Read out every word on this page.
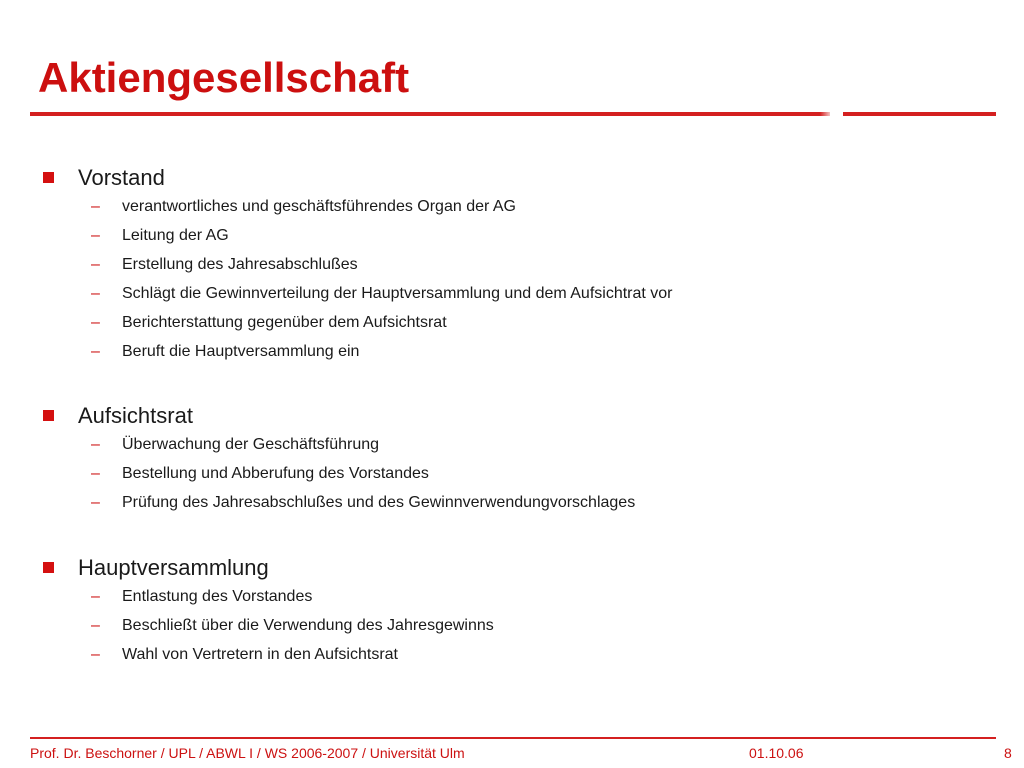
Aktiengesellschaft
Vorstand
– verantwortliches und geschäftsführendes Organ der AG
– Leitung der AG
– Erstellung des Jahresabschlußes
– Schlägt die Gewinnverteilung der Hauptversammlung und dem Aufsichtrat vor
– Berichterstattung gegenüber dem Aufsichtsrat
– Beruft die Hauptversammlung ein
Aufsichtsrat
– Überwachung der Geschäftsführung
– Bestellung und Abberufung des Vorstandes
– Prüfung des Jahresabschlußes und des Gewinnverwendungvorschlages
Hauptversammlung
– Entlastung des Vorstandes
– Beschließt über die Verwendung des Jahresgewinns
– Wahl von Vertretern in den Aufsichtsrat
Prof. Dr. Beschorner / UPL / ABWL I / WS 2006-2007 / Universität Ulm	01.10.06	8
